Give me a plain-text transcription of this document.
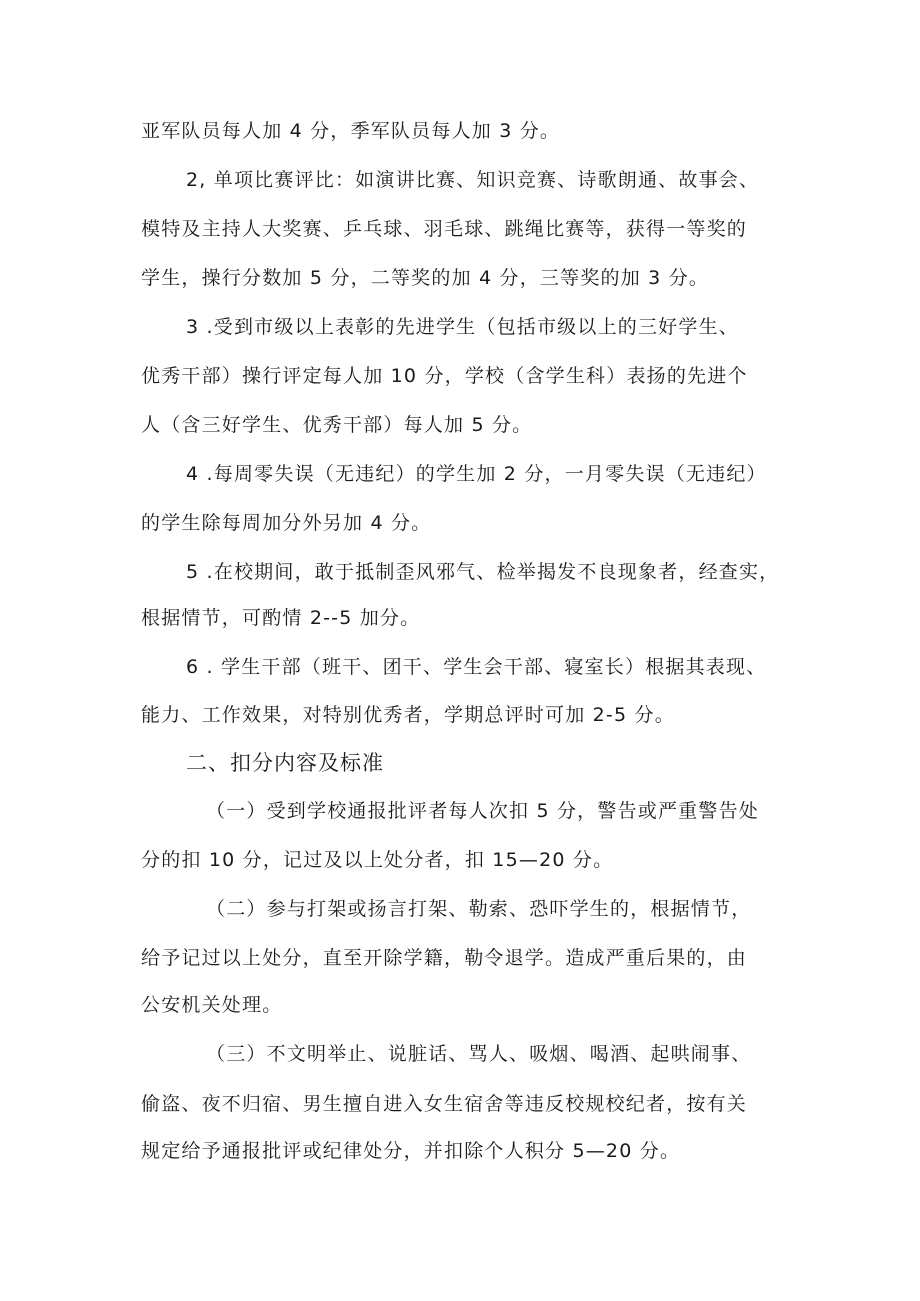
亚军队员每人加 4 分，季军队员每人加 3 分。
2, 单项比赛评比：如演讲比赛、知识竞赛、诗歌朗通、故事会、
模特及主持人大奖赛、乒乓球、羽毛球、跳绳比赛等，获得一等奖的
学生，操行分数加 5 分，二等奖的加 4 分，三等奖的加 3 分。
3 .受到市级以上表彰的先进学生（包括市级以上的三好学生、
优秀干部）操行评定每人加 10 分，学校（含学生科）表扬的先进个
人（含三好学生、优秀干部）每人加 5 分。
4 .每周零失误（无违纪）的学生加 2 分，一月零失误（无违纪）
的学生除每周加分外另加 4 分。
5 .在校期间，敢于抵制歪风邪气、检举揭发不良现象者，经查实，
根据情节，可酌情 2--5 加分。
6 . 学生干部（班干、团干、学生会干部、寝室长）根据其表现、
能力、工作效果，对特别优秀者，学期总评时可加 2-5 分。
二、扣分内容及标准
（一）受到学校通报批评者每人次扣 5 分，警告或严重警告处
分的扣 10 分，记过及以上处分者，扣 15—20 分。
（二）参与打架或扬言打架、勒索、恐吓学生的，根据情节，
给予记过以上处分，直至开除学籍，勒令退学。造成严重后果的，由
公安机关处理。
（三）不文明举止、说脏话、骂人、吸烟、喝酒、起哄闹事、
偷盗、夜不归宿、男生擅自进入女生宿舍等违反校规校纪者，按有关
规定给予通报批评或纪律处分，并扣除个人积分 5—20 分。
